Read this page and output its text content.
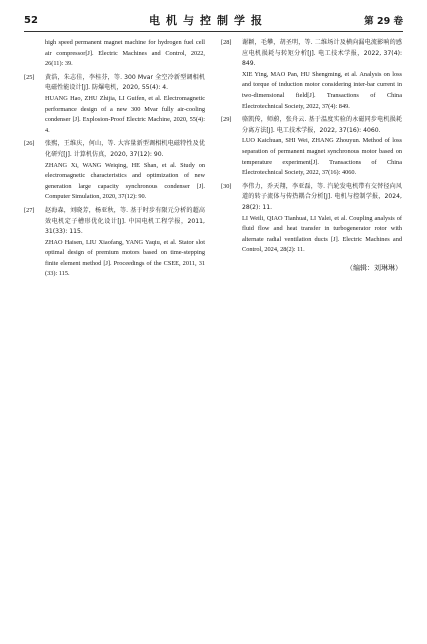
52	电机与控制学报	第 29 卷

high speed permanent magnet machine for hydrogen fuel cell air compressor[J]. Electric Machines and Control, 2022, 26(11): 39.

[25]	黄浩，朱志佳，李桂芬，等. 300 Mvar 全空冷新型调相机电磁性能设计[J]. 防爆电机，2020, 55(4): 4.

HUANG Hao, ZHU Zhijia, LI Guifen, et al. Electromagnetic performance design of a new 300 Mvar fully air-cooling condenser [J]. Explosion-Proof Electric Machine, 2020, 55(4): 4.

[26]	张熙，王维庆，何山，等. 大容量新型调相机电磁特性及优化研究[J]. 计算机仿真，2020, 37(12): 90.

ZHANG Xi, WANG Weiqing, HE Shan, et al. Study on electromagnetic characteristics and optimization of new generation large capacity synchronous condenser [J]. Computer Simulation, 2020, 37(12): 90.

[27]	赵海森，刘晓芳，杨亚秋，等. 基于时步有限元分析的超高效电机定子槽形优化设计[J]. 中国电机工程学报，2011, 31(33): 115.

ZHAO Haisen, LIU Xiaofang, YANG Yaqiu, et al. Stator slot optimal design of premium motors based on time-stepping finite element method [J]. Proceedings of the CSEE, 2011, 31 (33): 115.

[28]	谢颖，毛攀，胡圣明，等. 二维场计及横向漏电流影响的感应电机损耗与转矩分析[J]. 电工技术学报，2022, 37(4): 849.

XIE Ying, MAO Pan, HU Shengming, et al. Analysis on loss and torque of induction motor considering inter-bar current in two-dimensional field[J]. Transactions of China Electrotechnical Society, 2022, 37(4): 849.

[29]	骆凯传，师蔚，张舟云. 基于温度实验的永磁同步电机损耗分离方法[J]. 电工技术学报，2022, 37(16): 4060.

LUO Kaichuan, SHI Wei, ZHANG Zhouyun. Method of loss separation of permanent magnet synchronous motor based on temperature experiment[J]. Transactions of China Electrotechnical Society, 2022, 37(16): 4060.

[30]	李伟力，乔天翔，李亚磊，等. 汽轮发电机带有交替径向风道的转子流体与传热耦合分析[J]. 电机与控制学报，2024, 28(2): 11.

LI Weili, QIAO Tianhuai, LI Yalei, et al. Coupling analysis of fluid flow and heat transfer in turbogenerator rotor with alternate radial ventilation ducts [J]. Electric Machines and Control, 2024, 28(2): 11.

（编辑：刘琳琳）
